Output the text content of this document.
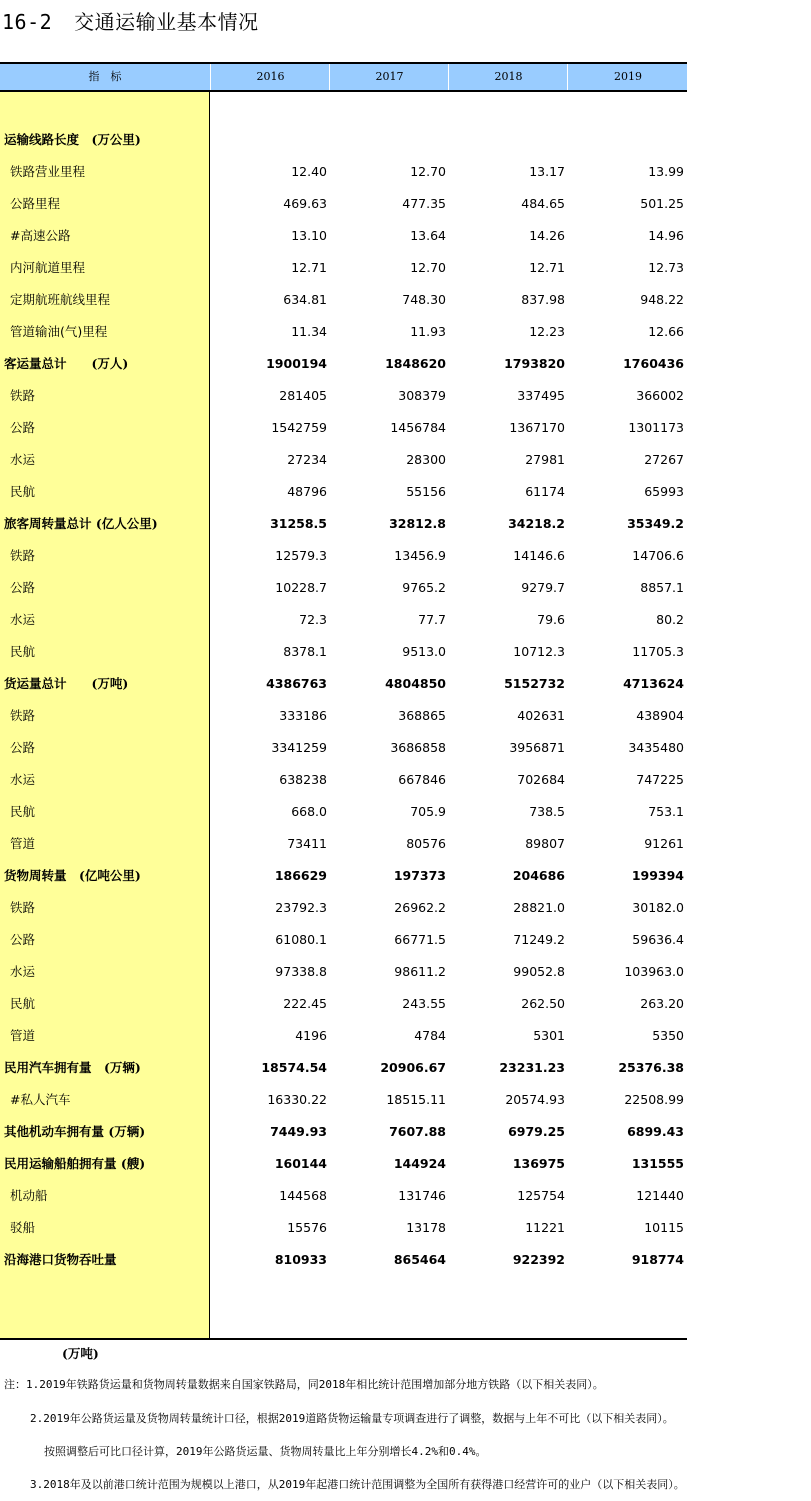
16-2 交通运输业基本情况
指　标	2016	2017	2018	2019
运输线路长度　(万公里)
铁路营业里程	12.40	12.70	13.17	13.99
公路里程	469.63	477.35	484.65	501.25
#高速公路	13.10	13.64	14.26	14.96
内河航道里程	12.71	12.70	12.71	12.73
定期航班航线里程	634.81	748.30	837.98	948.22
管道输油(气)里程	11.34	11.93	12.23	12.66
客运量总计　　(万人)	1900194	1848620	1793820	1760436
铁路	281405	308379	337495	366002
公路	1542759	1456784	1367170	1301173
水运	27234	28300	27981	27267
民航	48796	55156	61174	65993
旅客周转量总计 (亿人公里)	31258.5	32812.8	34218.2	35349.2
铁路	12579.3	13456.9	14146.6	14706.6
公路	10228.7	9765.2	9279.7	8857.1
水运	72.3	77.7	79.6	80.2
民航	8378.1	9513.0	10712.3	11705.3
货运量总计　　(万吨)	4386763	4804850	5152732	4713624
铁路	333186	368865	402631	438904
公路	3341259	3686858	3956871	3435480
水运	638238	667846	702684	747225
民航	668.0	705.9	738.5	753.1
管道	73411	80576	89807	91261
货物周转量　(亿吨公里)	186629	197373	204686	199394
铁路	23792.3	26962.2	28821.0	30182.0
公路	61080.1	66771.5	71249.2	59636.4
水运	97338.8	98611.2	99052.8	103963.0
民航	222.45	243.55	262.50	263.20
管道	4196	4784	5301	5350
民用汽车拥有量　(万辆)	18574.54	20906.67	23231.23	25376.38
#私人汽车	16330.22	18515.11	20574.93	22508.99
其他机动车拥有量 (万辆)	7449.93	7607.88	6979.25	6899.43
民用运输船舶拥有量 (艘)	160144	144924	136975	131555
机动船	144568	131746	125754	121440
驳船	15576	13178	11221	10115
沿海港口货物吞吐量	810933	865464	922392	918774
(万吨)
注：1.2019年铁路货运量和货物周转量数据来自国家铁路局，同2018年相比统计范围增加部分地方铁路（以下相关表同）。
2.2019年公路货运量及货物周转量统计口径，根据2019道路货物运输量专项调查进行了调整，数据与上年不可比（以下相关表同）。
按照调整后可比口径计算，2019年公路货运量、货物周转量比上年分别增长4.2%和0.4%。
3.2018年及以前港口统计范围为规模以上港口，从2019年起港口统计范围调整为全国所有获得港口经营许可的业户（以下相关表同）。
